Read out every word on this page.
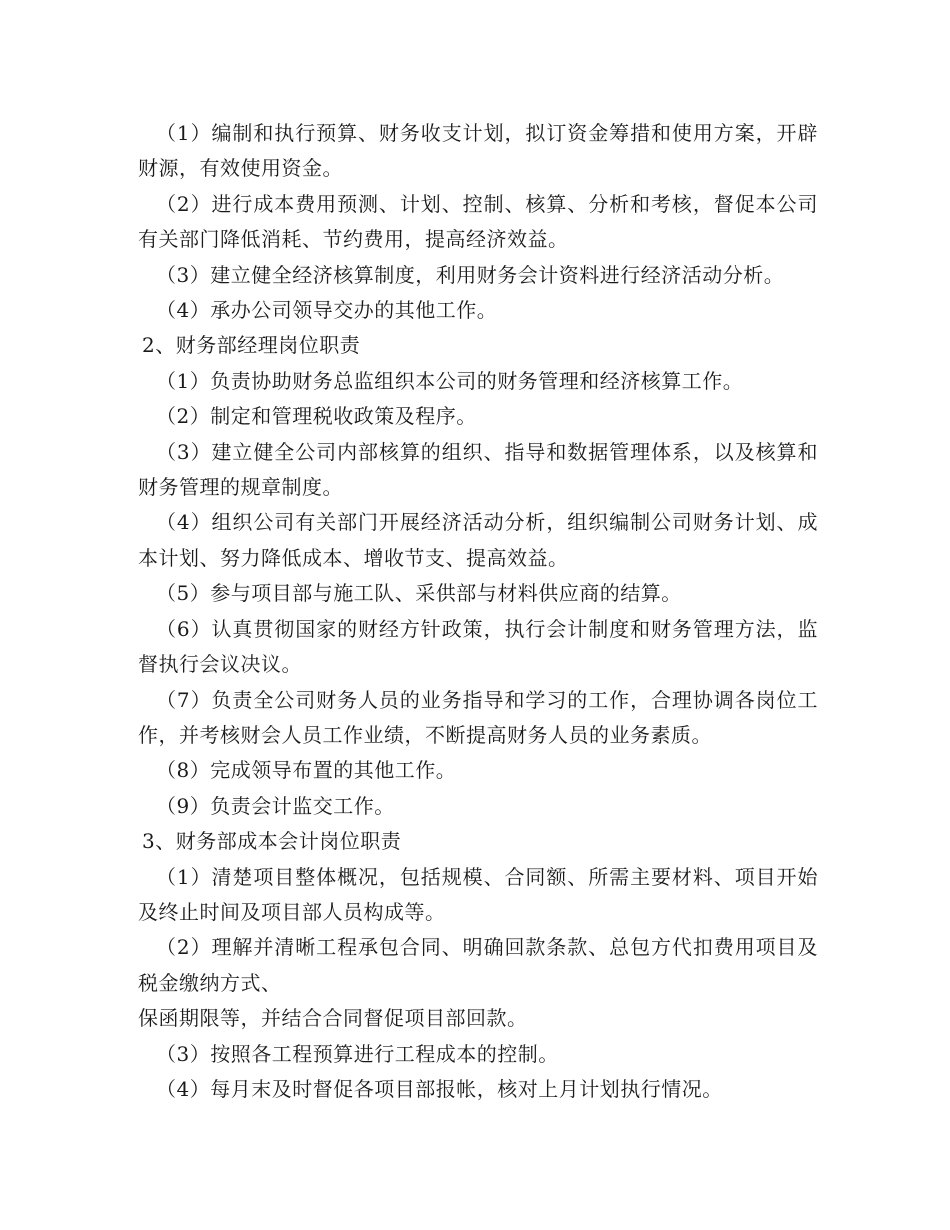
（1）编制和执行预算、财务收支计划，拟订资金筹措和使用方案，开辟财源，有效使用资金。

（2）进行成本费用预测、计划、控制、核算、分析和考核，督促本公司有关部门降低消耗、节约费用，提高经济效益。

（3）建立健全经济核算制度，利用财务会计资料进行经济活动分析。

（4）承办公司领导交办的其他工作。

2、财务部经理岗位职责

（1）负责协助财务总监组织本公司的财务管理和经济核算工作。

（2）制定和管理税收政策及程序。

（3）建立健全公司内部核算的组织、指导和数据管理体系，以及核算和财务管理的规章制度。

（4）组织公司有关部门开展经济活动分析，组织编制公司财务计划、成本计划、努力降低成本、增收节支、提高效益。

（5）参与项目部与施工队、采供部与材料供应商的结算。

（6）认真贯彻国家的财经方针政策，执行会计制度和财务管理方法，监督执行会议决议。

（7）负责全公司财务人员的业务指导和学习的工作，合理协调各岗位工作，并考核财会人员工作业绩，不断提高财务人员的业务素质。

（8）完成领导布置的其他工作。

（9）负责会计监交工作。

3、财务部成本会计岗位职责

（1）清楚项目整体概况，包括规模、合同额、所需主要材料、项目开始及终止时间及项目部人员构成等。

（2）理解并清晰工程承包合同、明确回款条款、总包方代扣费用项目及税金缴纳方式、

保函期限等，并结合合同督促项目部回款。

（3）按照各工程预算进行工程成本的控制。

（4）每月末及时督促各项目部报帐，核对上月计划执行情况。
